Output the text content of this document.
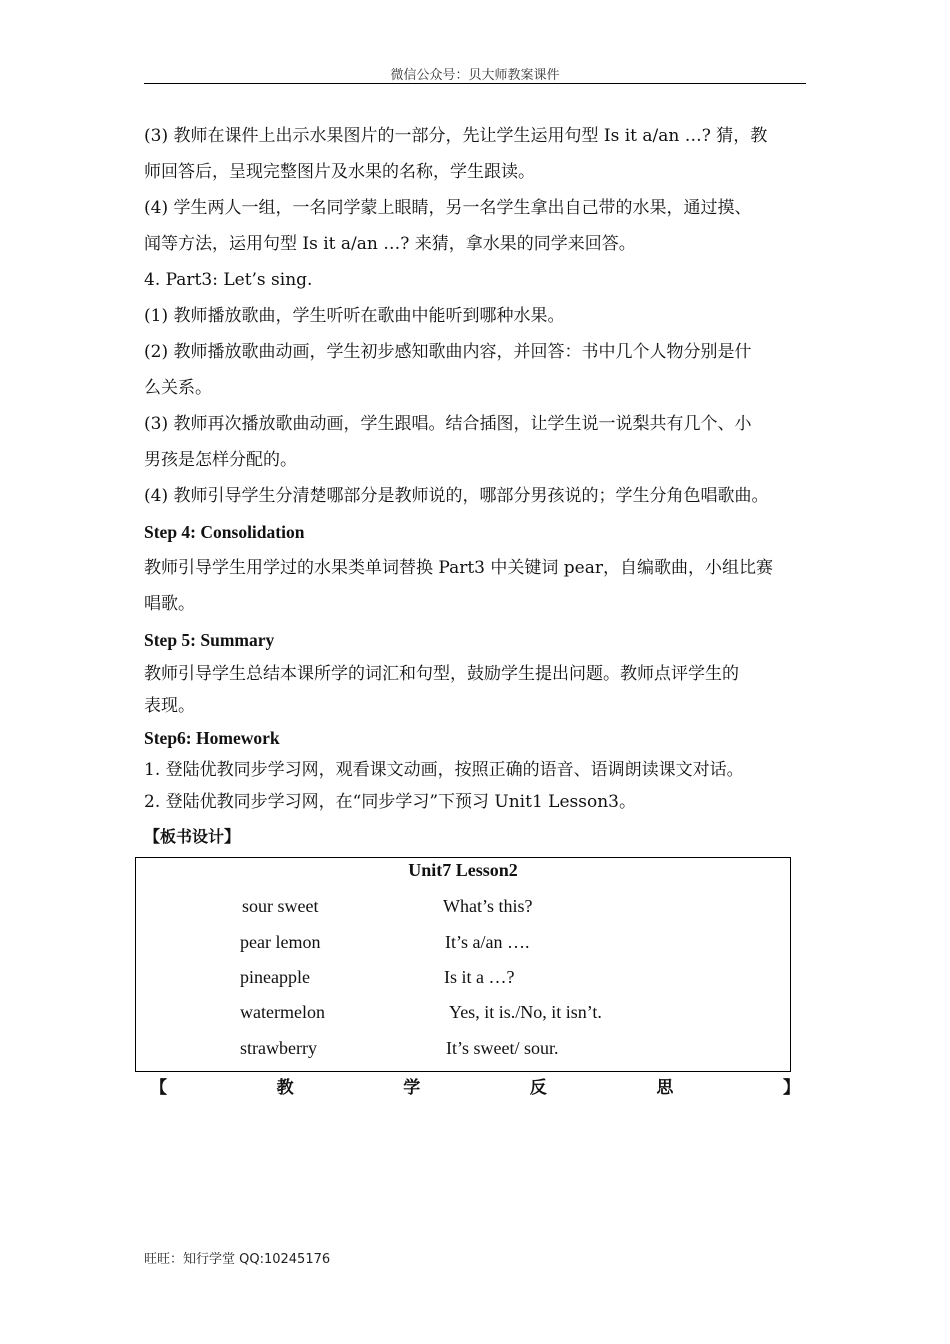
微信公众号：贝大师教案课件

(3) 教师在课件上出示水果图片的一部分，先让学生运用句型 Is it a/an …? 猜，教

师回答后，呈现完整图片及水果的名称，学生跟读。

(4) 学生两人一组，一名同学蒙上眼睛，另一名学生拿出自己带的水果，通过摸、

闻等方法，运用句型 Is it a/an …? 来猜，拿水果的同学来回答。

4. Part3: Let’s sing.

(1) 教师播放歌曲，学生听听在歌曲中能听到哪种水果。

(2) 教师播放歌曲动画，学生初步感知歌曲内容，并回答：书中几个人物分别是什

么关系。

(3) 教师再次播放歌曲动画，学生跟唱。结合插图，让学生说一说梨共有几个、小

男孩是怎样分配的。

(4) 教师引导学生分清楚哪部分是教师说的，哪部分男孩说的；学生分角色唱歌曲。

Step 4: Consolidation

教师引导学生用学过的水果类单词替换 Part3 中关键词 pear，自编歌曲，小组比赛

唱歌。

Step 5: Summary

教师引导学生总结本课所学的词汇和句型，鼓励学生提出问题。教师点评学生的

表现。

Step6: Homework

1. 登陆优教同步学习网，观看课文动画，按照正确的语音、语调朗读课文对话。

2. 登陆优教同步学习网，在“同步学习”下预习 Unit1 Lesson3。

【板书设计】

Unit7 Lesson2
sour sweet	What’s this?
pear lemon	It’s a/an ….
pineapple	Is it a …?
watermelon	Yes, it is./No, it isn’t.
strawberry	It’s sweet/ sour.
【	教	学	反	思	】
旺旺：知行学堂 QQ:10245176
